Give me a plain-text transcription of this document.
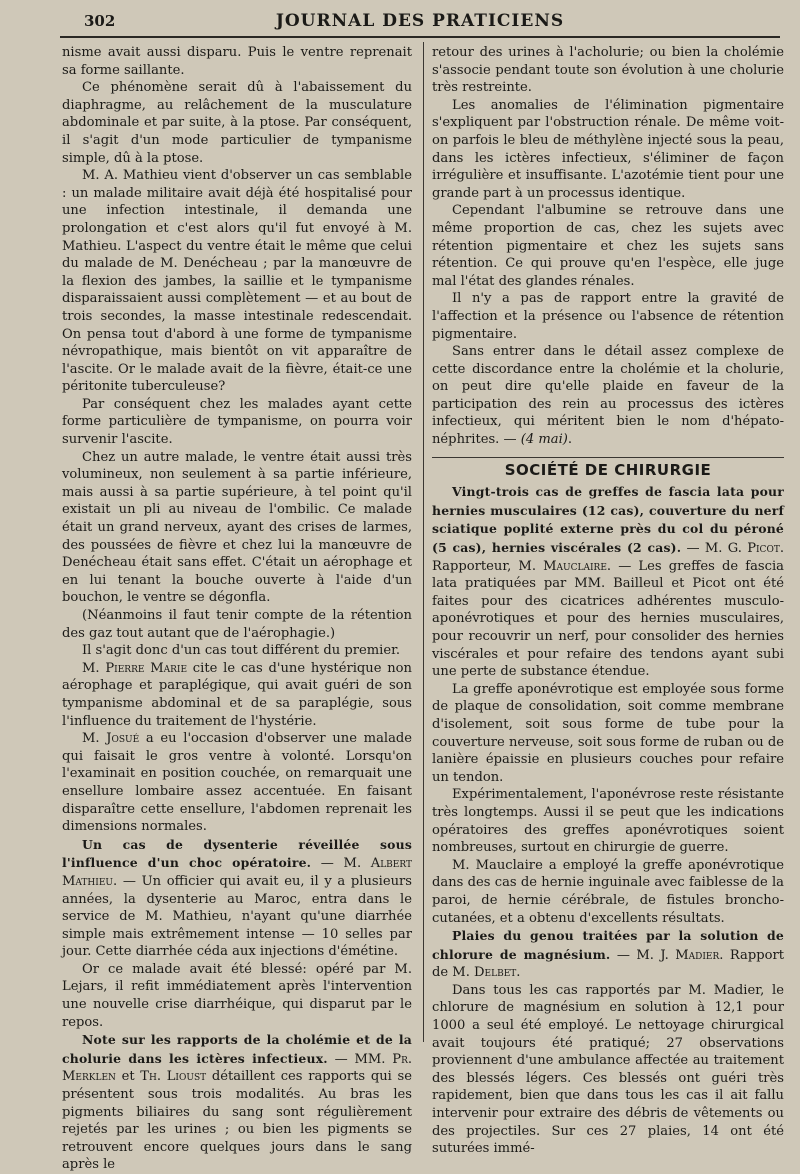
302	JOURNAL DES PRATICIENS

nisme avait aussi disparu. Puis le ventre reprenait sa forme saillante.

Ce phénomène serait dû à l'abaissement du diaphragme, au relâchement de la musculature abdominale et par suite, à la ptose. Par conséquent, il s'agit d'un mode particulier de tympanisme simple, dû à la ptose.

M. A. Mathieu vient d'observer un cas semblable : un malade militaire avait déjà été hospitalisé pour une infection intestinale, il demanda une prolongation et c'est alors qu'il fut envoyé à M. Mathieu. L'aspect du ventre était le même que celui du malade de M. Denécheau ; par la manœuvre de la flexion des jambes, la saillie et le tympanisme disparaissaient aussi complètement — et au bout de trois secondes, la masse intestinale redescendait. On pensa tout d'abord à une forme de tympanisme névropathique, mais bientôt on vit apparaître de l'ascite. Or le malade avait de la fièvre, était-ce une péritonite tuberculeuse?

Par conséquent chez les malades ayant cette forme particulière de tympanisme, on pourra voir survenir l'ascite.

Chez un autre malade, le ventre était aussi très volumineux, non seulement à sa partie inférieure, mais aussi à sa partie supérieure, à tel point qu'il existait un pli au niveau de l'ombilic. Ce malade était un grand nerveux, ayant des crises de larmes, des poussées de fièvre et chez lui la manœuvre de Denécheau était sans effet. C'était un aérophage et en lui tenant la bouche ouverte à l'aide d'un bouchon, le ventre se dégonfla.

(Néanmoins il faut tenir compte de la rétention des gaz tout autant que de l'aérophagie.)

Il s'agit donc d'un cas tout différent du premier.

M. Pierre Marie cite le cas d'une hystérique non aérophage et paraplégique, qui avait guéri de son tympanisme abdominal et de sa paraplégie, sous l'influence du traitement de l'hystérie.

M. Josué a eu l'occasion d'observer une malade qui faisait le gros ventre à volonté. Lorsqu'on l'examinait en position couchée, on remarquait une ensellure lombaire assez accentuée. En faisant disparaître cette ensellure, l'abdomen reprenait les dimensions normales.

Un cas de dysenterie réveillée sous l'influence d'un choc opératoire. — M. Albert Mathieu. — Un officier qui avait eu, il y a plusieurs années, la dysenterie au Maroc, entra dans le service de M. Mathieu, n'ayant qu'une diarrhée simple mais extrêmement intense — 10 selles par jour. Cette diarrhée céda aux injections d'émétine.

Or ce malade avait été blessé: opéré par M. Lejars, il refit immédiatement après l'intervention une nouvelle crise diarrhéique, qui disparut par le repos.

Note sur les rapports de la cholémie et de la cholurie dans les ictères infectieux. — MM. Pr. Merklen et Th. Lioust détaillent ces rapports qui se présentent sous trois modalités. Au bras les pigments biliaires du sang sont régulièrement rejetés par les urines ; ou bien les pigments se retrouvent encore quelques jours dans le sang après le

retour des urines à l'acholurie; ou bien la cholémie s'associe pendant toute son évolution à une cholurie très restreinte.

Les anomalies de l'élimination pigmentaire s'expliquent par l'obstruction rénale. De même voit-on parfois le bleu de méthylène injecté sous la peau, dans les ictères infectieux, s'éliminer de façon irrégulière et insuffisante. L'azotémie tient pour une grande part à un processus identique.

Cependant l'albumine se retrouve dans une même proportion de cas, chez les sujets avec rétention pigmentaire et chez les sujets sans rétention. Ce qui prouve qu'en l'espèce, elle juge mal l'état des glandes rénales.

Il n'y a pas de rapport entre la gravité de l'affection et la présence ou l'absence de rétention pigmentaire.

Sans entrer dans le détail assez complexe de cette discordance entre la cholémie et la cholurie, on peut dire qu'elle plaide en faveur de la participation des rein au processus des ictères infectieux, qui méritent bien le nom d'hépato-néphrites. — (4 mai).

SOCIÉTÉ DE CHIRURGIE

Vingt-trois cas de greffes de fascia lata pour hernies musculaires (12 cas), couverture du nerf sciatique poplité externe près du col du péroné (5 cas), hernies viscérales (2 cas). — M. G. Picot. Rapporteur, M. Mauclaire. — Les greffes de fascia lata pratiquées par MM. Bailleul et Picot ont été faites pour des cicatrices adhérentes musculo-aponévrotiques et pour des hernies musculaires, pour recouvrir un nerf, pour consolider des hernies viscérales et pour refaire des tendons ayant subi une perte de substance étendue.

La greffe aponévrotique est employée sous forme de plaque de consolidation, soit comme membrane d'isolement, soit sous forme de tube pour la couverture nerveuse, soit sous forme de ruban ou de lanière épaissie en plusieurs couches pour refaire un tendon.

Expérimentalement, l'aponévrose reste résistante très longtemps. Aussi il se peut que les indications opératoires des greffes aponévrotiques soient nombreuses, surtout en chirurgie de guerre.

M. Mauclaire a employé la greffe aponévrotique dans des cas de hernie inguinale avec faiblesse de la paroi, de hernie cérébrale, de fistules broncho-cutanées, et a obtenu d'excellents résultats.

Plaies du genou traitées par la solution de chlorure de magnésium. — M. J. Madier. Rapport de M. Delbet.

Dans tous les cas rapportés par M. Madier, le chlorure de magnésium en solution à 12,1 pour 1000 a seul été employé. Le nettoyage chirurgical avait toujours été pratiqué; 27 observations proviennent d'une ambulance affectée au traitement des blessés légers. Ces blessés ont guéri très rapidement, bien que dans tous les cas il ait fallu intervenir pour extraire des débris de vêtements ou des projectiles. Sur ces 27 plaies, 14 ont été suturées immé-
